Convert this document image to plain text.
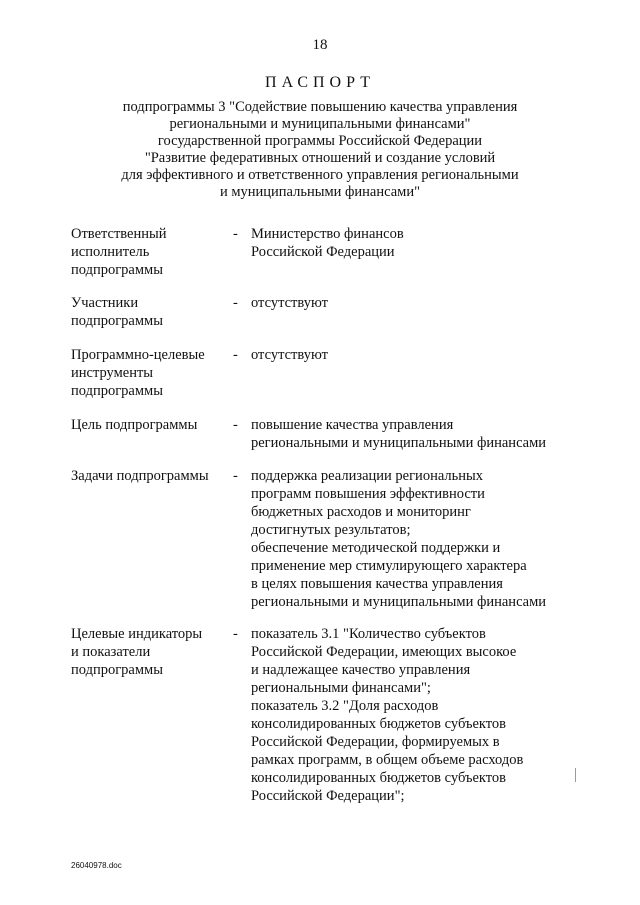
18
ПАСПОРТ
подпрограммы 3 "Содействие повышению качества управления
региональными и муниципальными финансами"
государственной программы Российской Федерации
"Развитие федеративных отношений и создание условий
для эффективного и ответственного управления региональными
и муниципальными финансами"
Ответственный
исполнитель
подпрограммы
- Министерство финансов
Российской Федерации
Участники
подпрограммы
- отсутствуют
Программно-целевые
инструменты
подпрограммы
- отсутствуют
Цель подпрограммы	- повышение качества управления
региональными и муниципальными финансами
Задачи подпрограммы	- поддержка реализации региональных
программ повышения эффективности
бюджетных расходов и мониторинг
достигнутых результатов;
обеспечение методической поддержки и
применение мер стимулирующего характера
в целях повышения качества управления
региональными и муниципальными финансами
Целевые индикаторы
и показатели
подпрограммы
- показатель 3.1 "Количество субъектов
Российской Федерации, имеющих высокое
и надлежащее качество управления
региональными финансами";
показатель 3.2 "Доля расходов
консолидированных бюджетов субъектов
Российской Федерации, формируемых в
рамках программ, в общем объеме расходов
консолидированных бюджетов субъектов
Российской Федерации";
26040978.doc
